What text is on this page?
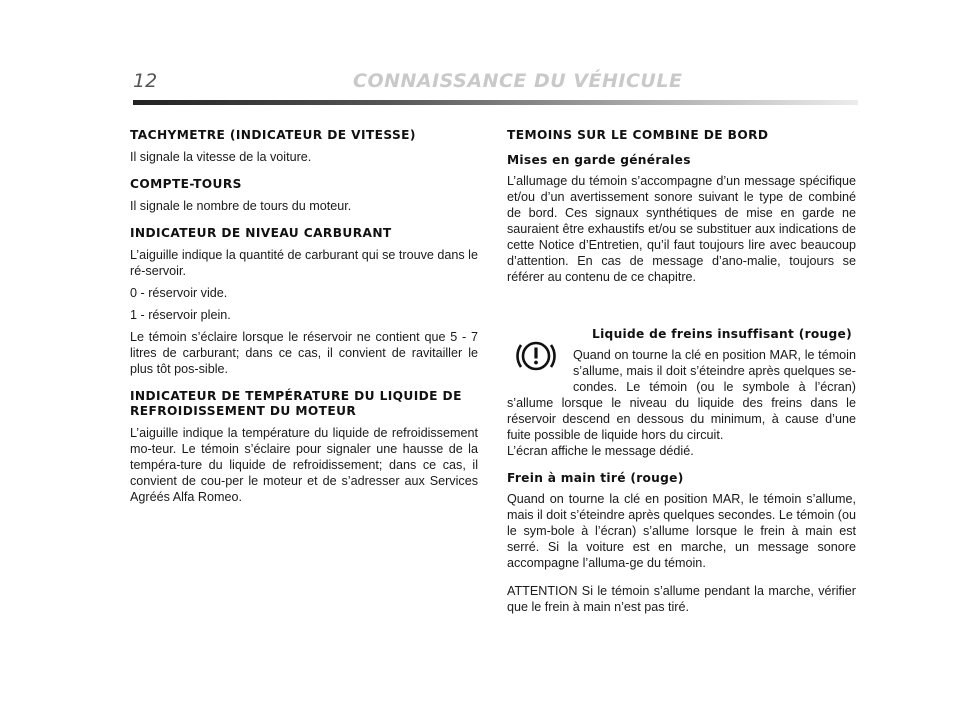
12	CONNAISSANCE DU VÉHICULE
TACHYMETRE (INDICATEUR DE VITESSE)

Il signale la vitesse de la voiture.

COMPTE-TOURS

Il signale le nombre de tours du moteur.

INDICATEUR DE NIVEAU CARBURANT

L’aiguille indique la quantité de carburant qui se trouve dans le ré-servoir.

0 - réservoir vide.

1 - réservoir plein.

Le témoin s’éclaire lorsque le réservoir ne contient que 5 - 7 litres de carburant; dans ce cas, il convient de ravitailler le plus tôt pos-sible.

INDICATEUR DE TEMPÉRATURE DU LIQUIDE DE
REFROIDISSEMENT DU MOTEUR

L’aiguille indique la température du liquide de refroidissement mo-teur. Le témoin s’éclaire pour signaler une hausse de la tempéra-ture du liquide de refroidissement; dans ce cas, il convient de cou-per le moteur et de s’adresser aux Services Agréés Alfa Romeo.

TEMOINS SUR LE COMBINE DE BORD
Mises en garde générales

L’allumage du témoin s’accompagne d’un message spécifique et/ou d’un avertissement sonore suivant le type de combiné de bord. Ces signaux synthétiques de mise en garde ne sauraient être exhaustifs et/ou se substituer aux indications de cette Notice d’Entretien, qu’il faut toujours lire avec beaucoup d’attention. En cas de message d’ano-malie, toujours se référer au contenu de ce chapitre.

Liquide de freins insuffisant (rouge)

Quand on tourne la clé en position MAR, le témoin s’allume, mais il doit s’éteindre après quelques se-condes. Le témoin (ou le symbole à l’écran) s’allume lorsque le niveau du liquide des freins dans le réservoir descend en dessous du minimum, à cause d’une fuite possible de liquide hors du circuit.

L’écran affiche le message dédié.

Frein à main tiré (rouge)

Quand on tourne la clé en position MAR, le témoin s’allume, mais il doit s’éteindre après quelques secondes. Le témoin (ou le sym-bole à l’écran) s’allume lorsque le frein à main est serré. Si la voiture est en marche, un message sonore accompagne l’alluma-ge du témoin.

ATTENTION Si le témoin s’allume pendant la marche, vérifier que le frein à main n’est pas tiré.
